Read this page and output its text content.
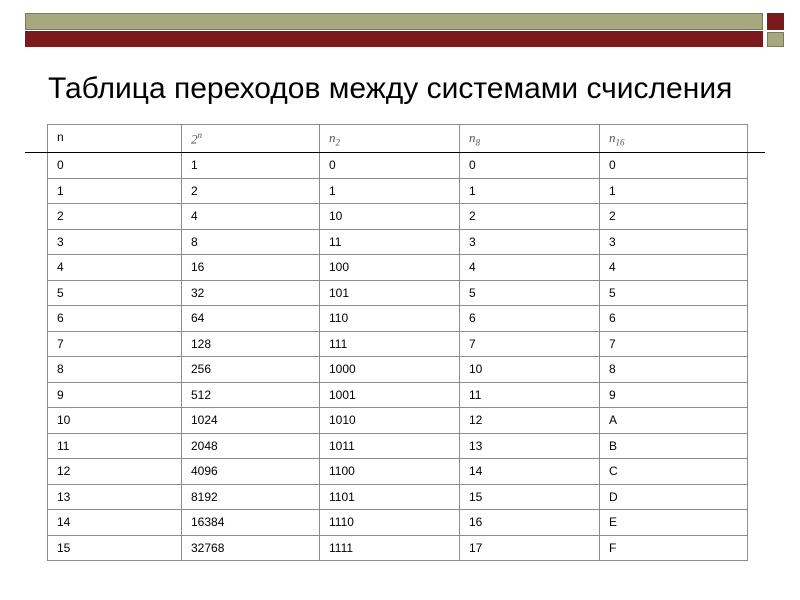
Таблица переходов между системами счисления
n	2$^n$	$n_2$	$n_8$	$n_{16}$
0	1	0	0	0
1	2	1	1	1
2	4	10	2	2
3	8	11	3	3
4	16	100	4	4
5	32	101	5	5
6	64	110	6	6
7	128	111	7	7
8	256	1000	10	8
9	512	1001	11	9
10	1024	1010	12	A
11	2048	1011	13	B
12	4096	1100	14	C
13	8192	1101	15	D
14	16384	1110	16	E
15	32768	1111	17	F
